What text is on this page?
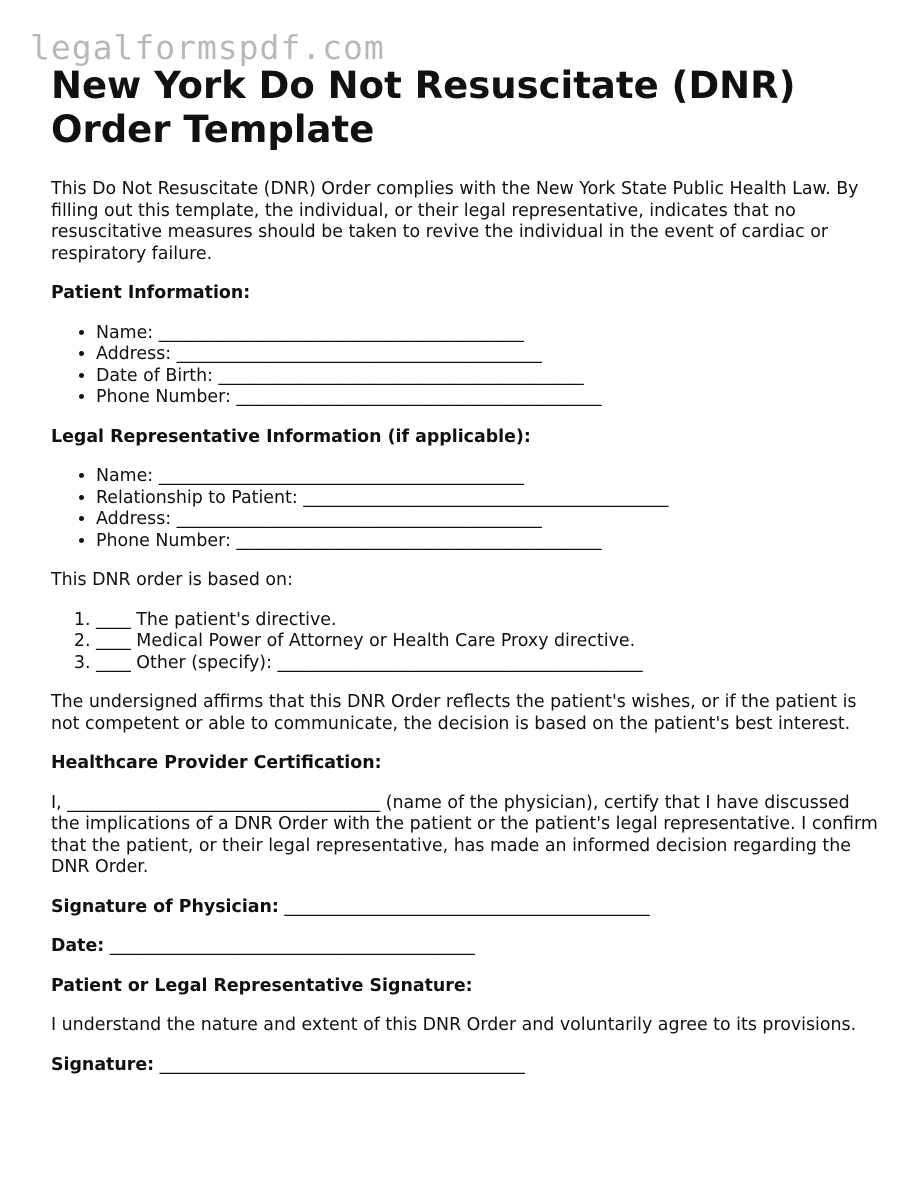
legalformspdf.com
New York Do Not Resuscitate (DNR) Order Template

This Do Not Resuscitate (DNR) Order complies with the New York State Public Health Law. By filling out this template, the individual, or their legal representative, indicates that no resuscitative measures should be taken to revive the individual in the event of cardiac or respiratory failure.

Patient Information:

• Name: __________________________________________
• Address: __________________________________________
• Date of Birth: __________________________________________
• Phone Number: __________________________________________

Legal Representative Information (if applicable):

• Name: __________________________________________
• Relationship to Patient: __________________________________________
• Address: __________________________________________
• Phone Number: __________________________________________

This DNR order is based on:

1. ____ The patient's directive.
2. ____ Medical Power of Attorney or Health Care Proxy directive.
3. ____ Other (specify): __________________________________________

The undersigned affirms that this DNR Order reflects the patient's wishes, or if the patient is not competent or able to communicate, the decision is based on the patient's best interest.

Healthcare Provider Certification:

I, ____________________________________ (name of the physician), certify that I have discussed the implications of a DNR Order with the patient or the patient's legal representative. I confirm that the patient, or their legal representative, has made an informed decision regarding the DNR Order.

Signature of Physician: __________________________________________

Date: __________________________________________

Patient or Legal Representative Signature:

I understand the nature and extent of this DNR Order and voluntarily agree to its provisions.

Signature: __________________________________________
